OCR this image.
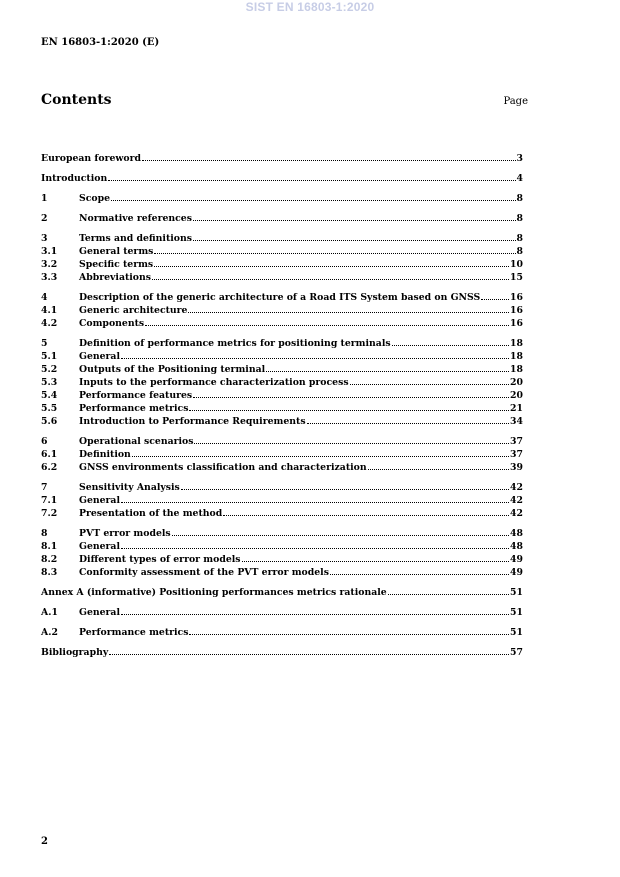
SIST EN 16803-1:2020
EN 16803-1:2020 (E)
Contents	Page
European foreword	3
Introduction	4
1	Scope	8
2	Normative references	8
3	Terms and definitions	8
3.1	General terms	8
3.2	Specific terms	10
3.3	Abbreviations	15
4	Description of the generic architecture of a Road ITS System based on GNSS	16
4.1	Generic architecture	16
4.2	Components	16
5	Definition of performance metrics for positioning terminals	18
5.1	General	18
5.2	Outputs of the Positioning terminal	18
5.3	Inputs to the performance characterization process	20
5.4	Performance features	20
5.5	Performance metrics	21
5.6	Introduction to Performance Requirements	34
6	Operational scenarios	37
6.1	Definition	37
6.2	GNSS environments classification and characterization	39
7	Sensitivity Analysis	42
7.1	General	42
7.2	Presentation of the method	42
8	PVT error models	48
8.1	General	48
8.2	Different types of error models	49
8.3	Conformity assessment of the PVT error models	49
Annex A (informative) Positioning performances metrics rationale	51
A.1	General	51
A.2	Performance metrics	51
Bibliography	57
2
